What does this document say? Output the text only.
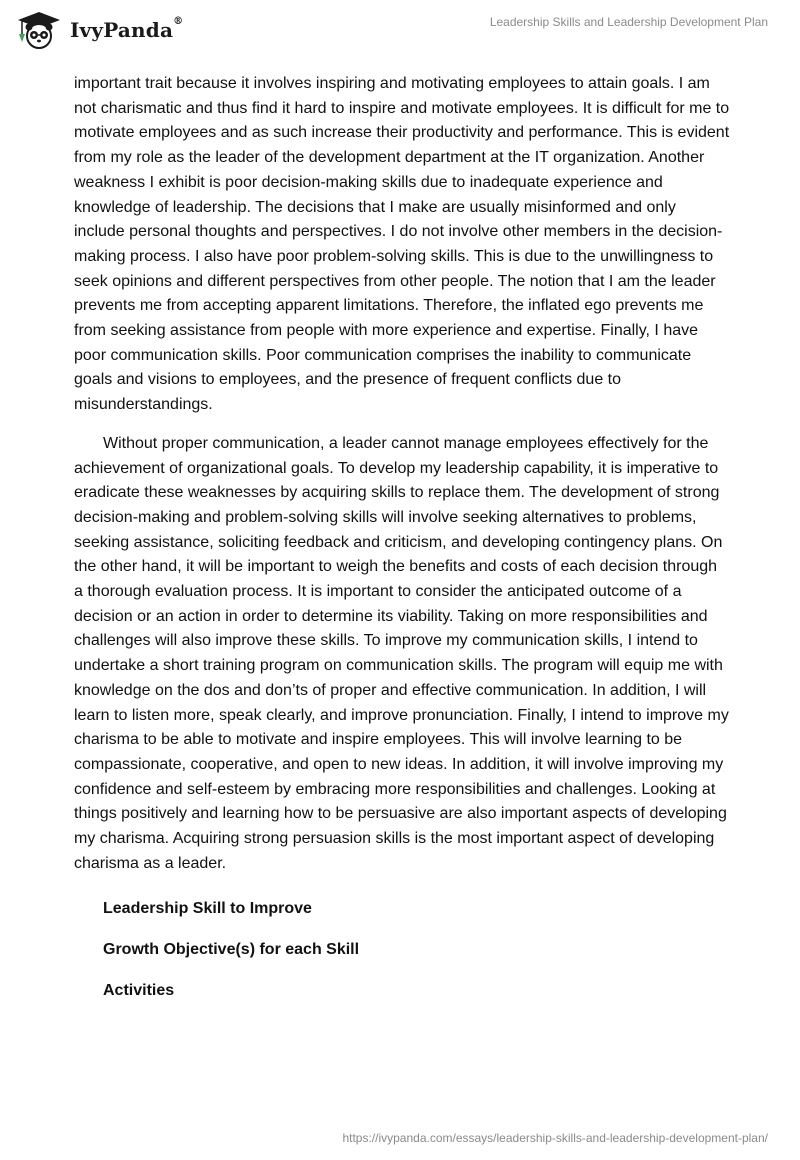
IvyPanda®	Leadership Skills and Leadership Development Plan

important trait because it involves inspiring and motivating employees to attain goals. I am not charismatic and thus find it hard to inspire and motivate employees. It is difficult for me to motivate employees and as such increase their productivity and performance. This is evident from my role as the leader of the development department at the IT organization. Another weakness I exhibit is poor decision-making skills due to inadequate experience and knowledge of leadership. The decisions that I make are usually misinformed and only include personal thoughts and perspectives. I do not involve other members in the decision-making process. I also have poor problem-solving skills. This is due to the unwillingness to seek opinions and different perspectives from other people. The notion that I am the leader prevents me from accepting apparent limitations. Therefore, the inflated ego prevents me from seeking assistance from people with more experience and expertise. Finally, I have poor communication skills. Poor communication comprises the inability to communicate goals and visions to employees, and the presence of frequent conflicts due to misunderstandings.

Without proper communication, a leader cannot manage employees effectively for the achievement of organizational goals. To develop my leadership capability, it is imperative to eradicate these weaknesses by acquiring skills to replace them. The development of strong decision-making and problem-solving skills will involve seeking alternatives to problems, seeking assistance, soliciting feedback and criticism, and developing contingency plans. On the other hand, it will be important to weigh the benefits and costs of each decision through a thorough evaluation process. It is important to consider the anticipated outcome of a decision or an action in order to determine its viability. Taking on more responsibilities and challenges will also improve these skills. To improve my communication skills, I intend to undertake a short training program on communication skills. The program will equip me with knowledge on the dos and don’ts of proper and effective communication. In addition, I will learn to listen more, speak clearly, and improve pronunciation. Finally, I intend to improve my charisma to be able to motivate and inspire employees. This will involve learning to be compassionate, cooperative, and open to new ideas. In addition, it will involve improving my confidence and self-esteem by embracing more responsibilities and challenges. Looking at things positively and learning how to be persuasive are also important aspects of developing my charisma. Acquiring strong persuasion skills is the most important aspect of developing charisma as a leader.

Leadership Skill to Improve
Growth Objective(s) for each Skill
Activities
https://ivypanda.com/essays/leadership-skills-and-leadership-development-plan/
